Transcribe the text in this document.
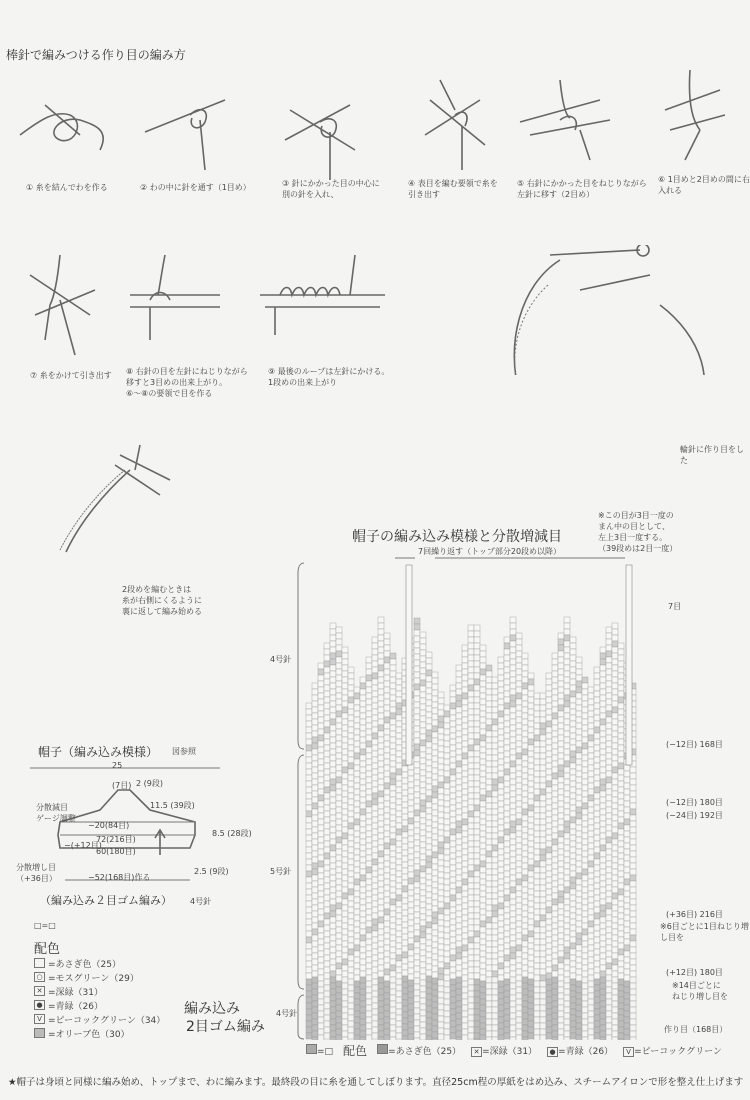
棒針で編みつける作り目の編み方
① 糸を結んでわを作る	② わの中に針を通す（1目め）	③ 針にかかった目の中心に
別の針を入れ、
④ 表目を編む要領で糸を
引き出す
⑤ 右針にかかった目をねじりながら
左針に移す（2目め）
⑥ 1目めと2目めの間に右
入れる
⑦ 糸をかけて引き出す ⑧ 右針の目を左針にねじりながら
移すと3目めの出来上がり。
⑥～⑧の要領で目を作る
⑨ 最後のループは左針にかける。
1段めの出来上がり
輪針に作り目をした
2段めを編むときは
糸が右側にくるように
裏に返して編み始める
帽子の編み込み模様と分散増減目
※この目が3目一度の
まん中の目として、
左上3目一度する。
（39段めは2目一度）
7回繰り返す（トップ部分20段め以降）
4号針
5号針
4号針
編み込み
2目ゴム編み
7目
(−12目) 168目
(−12目) 180目
(−24目) 192目
(+36目) 216目
※6目ごとに1目ねじり増し目を
(+12目) 180目
※14目ごとに
ねじり増し目を
作り目（168目）
帽子（編み込み模様） 図参照
25
(7目) 2 (9段)
11.5 (39段)
−20(84目)
−(+12目)
72(216目)
60(180目)
8.5 (28段)
2.5 (9段)
−52(168目)作る
分散減目
ゲージ調整
分散増し目
（+36目）
（編み込み２目ゴム編み） 4号針
□=□
配色
=あさぎ色（25）
○ =モスグリーン（29）
✕ =深緑（31）
● =青緑（26）
V =ピーコックグリーン（34）
=オリーブ色（30）
=□ 配色	=あさぎ色（25）	✕ =深緑（31）	● =青緑（26）	V =ピーコックグリーン
★帽子は身頃と同様に編み始め、トップまで、わに編みます。最終段の目に糸を通してしぼります。直径25cm程の厚紙をはめ込み、スチームアイロンで形を整え仕上げます
